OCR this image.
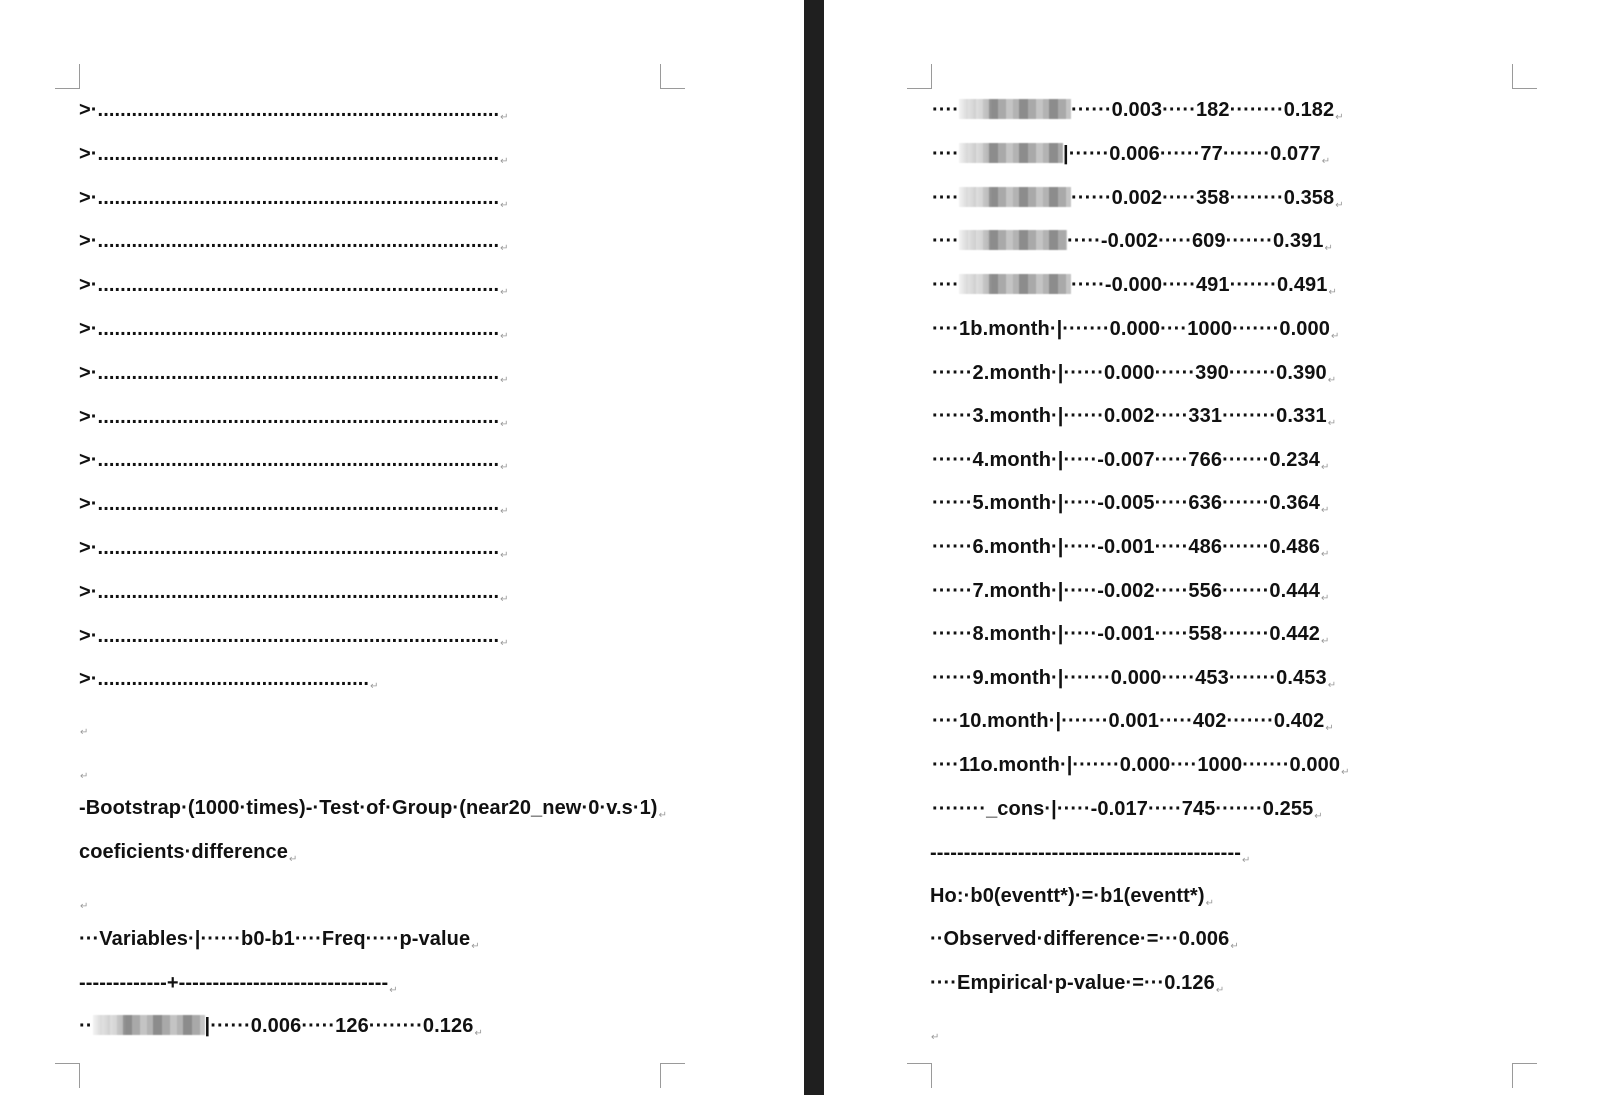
$>\cdot......................................................................._↵$
$>\cdot......................................................................._↵$
$>\cdot......................................................................._↵$
$>\cdot......................................................................._↵$
$>\cdot......................................................................._↵$
$>\cdot......................................................................._↵$
$>\cdot......................................................................._↵$
$>\cdot......................................................................._↵$
$>\cdot......................................................................._↵$
$>\cdot......................................................................._↵$
$>\cdot......................................................................._↵$
$>\cdot......................................................................._↵$
$>\cdot......................................................................._↵$
$>\cdot................................................_↵$
$_↵$
$_↵$
$-Bootstrap\cdot(1000\cdot times)-\cdot Test\cdot of\cdot Group\cdot(near20\_new\cdot 0\cdot v.s\cdot 1)_↵$
coeficients·difference$_↵$
$_↵$
···Variables·|······b0-b1····Freq·····p-value$_↵$
$-------------+-------------------------------_↵$
··	$|\cdot\cdot\cdot\cdot\cdot\cdot 0.006\cdot\cdot\cdot\cdot\cdot 126\cdot\cdot\cdot\cdot\cdot\cdot\cdot\cdot 0.126_↵$
····	$\cdot\cdot\cdot\cdot\cdot\cdot 0.003\cdot\cdot\cdot\cdot\cdot 182\cdot\cdot\cdot\cdot\cdot\cdot\cdot\cdot 0.182_↵$
····	$|\cdot\cdot\cdot\cdot\cdot\cdot 0.006\cdot\cdot\cdot\cdot\cdot\cdot 77\cdot\cdot\cdot\cdot\cdot\cdot\cdot 0.077_↵$
····	$\cdot\cdot\cdot\cdot\cdot\cdot 0.002\cdot\cdot\cdot\cdot\cdot 358\cdot\cdot\cdot\cdot\cdot\cdot\cdot\cdot 0.358_↵$
····	$\cdot\cdot\cdot\cdot\cdot-0.002\cdot\cdot\cdot\cdot\cdot 609\cdot\cdot\cdot\cdot\cdot\cdot\cdot 0.391_↵$
····	$\cdot\cdot\cdot\cdot\cdot-0.000\cdot\cdot\cdot\cdot\cdot 491\cdot\cdot\cdot\cdot\cdot\cdot\cdot 0.491_↵$
$\cdot\cdot\cdot\cdot 1b.month\cdot|\cdot\cdot\cdot\cdot\cdot\cdot\cdot 0.000\cdot\cdot\cdot\cdot 1000\cdot\cdot\cdot\cdot\cdot\cdot\cdot 0.000_↵$
$\cdot\cdot\cdot\cdot\cdot\cdot 2.month\cdot|\cdot\cdot\cdot\cdot\cdot\cdot 0.000\cdot\cdot\cdot\cdot\cdot\cdot 390\cdot\cdot\cdot\cdot\cdot\cdot\cdot 0.390_↵$
$\cdot\cdot\cdot\cdot\cdot\cdot 3.month\cdot|\cdot\cdot\cdot\cdot\cdot\cdot 0.002\cdot\cdot\cdot\cdot\cdot 331\cdot\cdot\cdot\cdot\cdot\cdot\cdot\cdot 0.331_↵$
$\cdot\cdot\cdot\cdot\cdot\cdot 4.month\cdot|\cdot\cdot\cdot\cdot\cdot-0.007\cdot\cdot\cdot\cdot\cdot 766\cdot\cdot\cdot\cdot\cdot\cdot\cdot 0.234_↵$
$\cdot\cdot\cdot\cdot\cdot\cdot 5.month\cdot|\cdot\cdot\cdot\cdot\cdot-0.005\cdot\cdot\cdot\cdot\cdot 636\cdot\cdot\cdot\cdot\cdot\cdot\cdot 0.364_↵$
$\cdot\cdot\cdot\cdot\cdot\cdot 6.month\cdot|\cdot\cdot\cdot\cdot\cdot-0.001\cdot\cdot\cdot\cdot\cdot 486\cdot\cdot\cdot\cdot\cdot\cdot\cdot 0.486_↵$
$\cdot\cdot\cdot\cdot\cdot\cdot 7.month\cdot|\cdot\cdot\cdot\cdot\cdot-0.002\cdot\cdot\cdot\cdot\cdot 556\cdot\cdot\cdot\cdot\cdot\cdot\cdot 0.444_↵$
$\cdot\cdot\cdot\cdot\cdot\cdot 8.month\cdot|\cdot\cdot\cdot\cdot\cdot-0.001\cdot\cdot\cdot\cdot\cdot 558\cdot\cdot\cdot\cdot\cdot\cdot\cdot 0.442_↵$
$\cdot\cdot\cdot\cdot\cdot\cdot 9.month\cdot|\cdot\cdot\cdot\cdot\cdot\cdot\cdot 0.000\cdot\cdot\cdot\cdot\cdot 453\cdot\cdot\cdot\cdot\cdot\cdot\cdot 0.453_↵$
$\cdot\cdot\cdot\cdot 10.month\cdot|\cdot\cdot\cdot\cdot\cdot\cdot\cdot 0.001\cdot\cdot\cdot\cdot\cdot 402\cdot\cdot\cdot\cdot\cdot\cdot\cdot 0.402_↵$
$\cdot\cdot\cdot\cdot 11o.month\cdot|\cdot\cdot\cdot\cdot\cdot\cdot\cdot 0.000\cdot\cdot\cdot\cdot 1000\cdot\cdot\cdot\cdot\cdot\cdot\cdot 0.000_↵$
$\cdot\cdot\cdot\cdot\cdot\cdot\cdot\cdot\_cons\cdot|\cdot\cdot\cdot\cdot\cdot-0.017\cdot\cdot\cdot\cdot\cdot 745\cdot\cdot\cdot\cdot\cdot\cdot\cdot 0.255_↵$
$----------------------------------------------_↵$
$Ho:\cdot b0(eventt*)\cdot=\cdot b1(eventt*)_↵$
$\cdot\cdot Observed\cdot difference\cdot=\cdot\cdot\cdot 0.006_↵$
$\cdot\cdot\cdot\cdot Empirical\cdot p-value\cdot=\cdot\cdot\cdot 0.126_↵$
$_↵$
